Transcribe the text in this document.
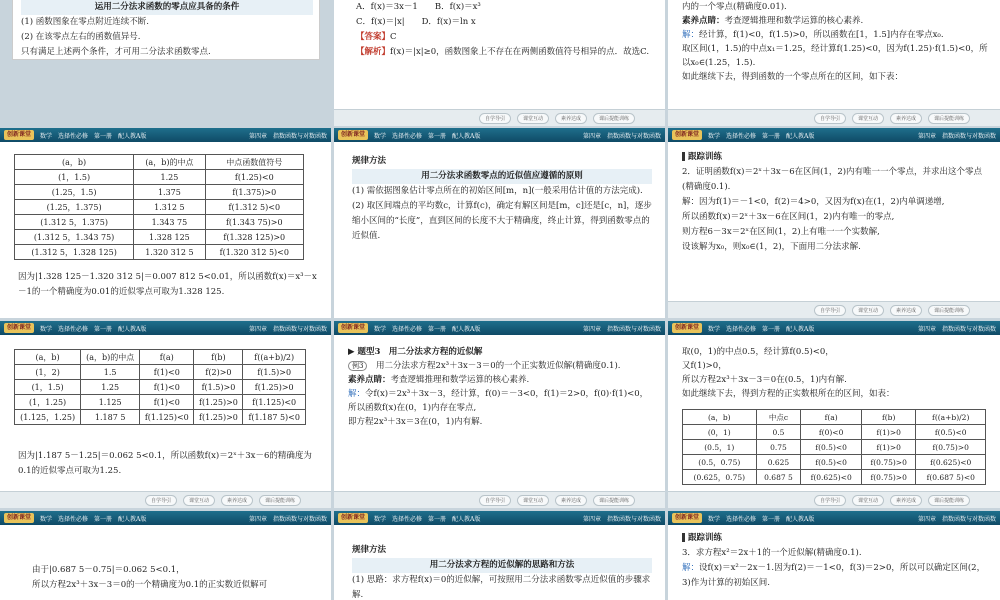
运用二分法求函数的零点应具备的条件

(1) 函数图象在零点附近连续不断.

(2) 在该零点左右的函数值异号.

只有满足上述两个条件，才可用二分法求函数零点.

A．f(x)＝3x－1　　B．f(x)＝x³

C．f(x)＝|x|　　D．f(x)＝ln x

【答案】C

【解析】f(x)＝|x|≥0，函数图象上不存在在两侧函数值符号相异的点．故选C.

自学导引	课堂互动	素养达成	课后提能训练

内的一个零点(精确度0.01).

素养点睛：考查逻辑推理和数学运算的核心素养.

解：经计算，f(1)<0，f(1.5)>0，所以函数在[1，1.5]内存在零点x₀.

取区间(1，1.5)的中点x₁＝1.25，经计算f(1.25)<0，因为f(1.25)·f(1.5)<0，所以x₀∈(1.25，1.5).

如此继续下去，得到函数的一个零点所在的区间，如下表：

自学导引	课堂互动	素养达成	课后提能训练
创新课堂	数学　选择性必修　第一册　配人教A版	第四章　指数函数与对数函数
(a，b)	(a，b)的中点	中点函数值符号
(1，1.5)	1.25	f(1.25)<0
(1.25，1.5)	1.375	f(1.375)>0
(1.25，1.375)	1.312 5	f(1.312 5)<0
(1.312 5，1.375)	1.343 75	f(1.343 75)>0
(1.312 5，1.343 75)	1.328 125	f(1.328 125)>0
(1.312 5，1.328 125)	1.320 312 5	f(1.320 312 5)<0

因为|1.328 125－1.320 312 5|＝0.007 812 5<0.01，所以函数f(x)＝x³－x－1的一个精确度为0.01的近似零点可取为1.328 125.

创新课堂	数学　选择性必修　第一册　配人教A版	第四章　指数函数与对数函数

规律方法

用二分法求函数零点的近似值应遵循的原则

(1) 需依据图象估计零点所在的初始区间[m，n](一般采用估计值的方法完成).

(2) 取区间端点的平均数c，计算f(c)，确定有解区间是[m，c]还是[c，n]，逐步缩小区间的“长度”，直到区间的长度不大于精确度，终止计算，得到函数零点的近似值.

创新课堂	数学　选择性必修　第一册　配人教A版	第四章　指数函数与对数函数

跟踪训练

2．证明函数f(x)＝2ˣ＋3x－6在区间(1，2)内有唯一一个零点，并求出这个零点(精确度0.1).

解：因为f(1)＝－1<0，f(2)＝4>0，又因为f(x)在(1，2)内单调递增,

所以函数f(x)＝2ˣ＋3x－6在区间(1，2)内有唯一的零点,

则方程6－3x＝2ˣ在区间(1，2)上有唯一一个实数解,

设该解为x₀，则x₀∈(1，2)，下面用二分法求解.

自学导引	课堂互动	素养达成	课后提能训练
创新课堂	数学　选择性必修　第一册　配人教A版	第四章　指数函数与对数函数
(a，b)	(a，b)的中点	f(a)	f(b)	f((a+b)/2)
(1，2)	1.5	f(1)<0	f(2)>0	f(1.5)>0
(1，1.5)	1.25	f(1)<0	f(1.5)>0	f(1.25)>0
(1，1.25)	1.125	f(1)<0	f(1.25)>0	f(1.125)<0
(1.125，1.25)	1.187 5	f(1.125)<0	f(1.25)>0	f(1.187 5)<0

因为|1.187 5－1.25|＝0.062 5<0.1，所以函数f(x)＝2ˣ＋3x－6的精确度为0.1的近似零点可取为1.25.

自学导引	课堂互动	素养达成	课后提能训练
创新课堂	数学　选择性必修　第一册　配人教A版	第四章　指数函数与对数函数

▶ 题型3　用二分法求方程的近似解

例3　 用二分法求方程2x³＋3x－3＝0的一个正实数近似解(精确度0.1).

素养点睛：考查逻辑推理和数学运算的核心素养.

解：令f(x)＝2x³＋3x－3，经计算，f(0)＝－3<0，f(1)＝2>0，f(0)·f(1)<0，

所以函数f(x)在(0，1)内存在零点,

即方程2x³＋3x＝3在(0，1)内有解.

自学导引	课堂互动	素养达成	课后提能训练
创新课堂	数学　选择性必修　第一册　配人教A版	第四章　指数函数与对数函数

取(0，1)的中点0.5，经计算f(0.5)<0，

又f(1)>0，

所以方程2x³＋3x－3＝0在(0.5，1)内有解.

如此继续下去，得到方程的正实数根所在的区间，如表：

(a，b)	中点c	f(a)	f(b)	f((a+b)/2)
(0，1)	0.5	f(0)<0	f(1)>0	f(0.5)<0
(0.5，1)	0.75	f(0.5)<0	f(1)>0	f(0.75)>0
(0.5，0.75)	0.625	f(0.5)<0	f(0.75)>0	f(0.625)<0
(0.625，0.75)	0.687 5	f(0.625)<0	f(0.75)>0	f(0.687 5)<0
自学导引	课堂互动	素养达成	课后提能训练
创新课堂	数学　选择性必修　第一册　配人教A版	第四章　指数函数与对数函数

由于|0.687 5－0.75|＝0.062 5<0.1，

所以方程2x³＋3x－3＝0的一个精确度为0.1的正实数近似解可

创新课堂	数学　选择性必修　第一册　配人教A版	第四章　指数函数与对数函数

规律方法

用二分法求方程的近似解的思路和方法

(1) 思路：求方程f(x)＝0的近似解，可按照用二分法求函数零点近似值的步骤求解.

创新课堂	数学　选择性必修　第一册　配人教A版	第四章　指数函数与对数函数

跟踪训练

3．求方程x²＝2x＋1的一个近似解(精确度0.1).

解：设f(x)＝x²－2x－1.因为f(2)＝－1<0，f(3)＝2>0，所以可以确定区间(2，3)作为计算的初始区间.
